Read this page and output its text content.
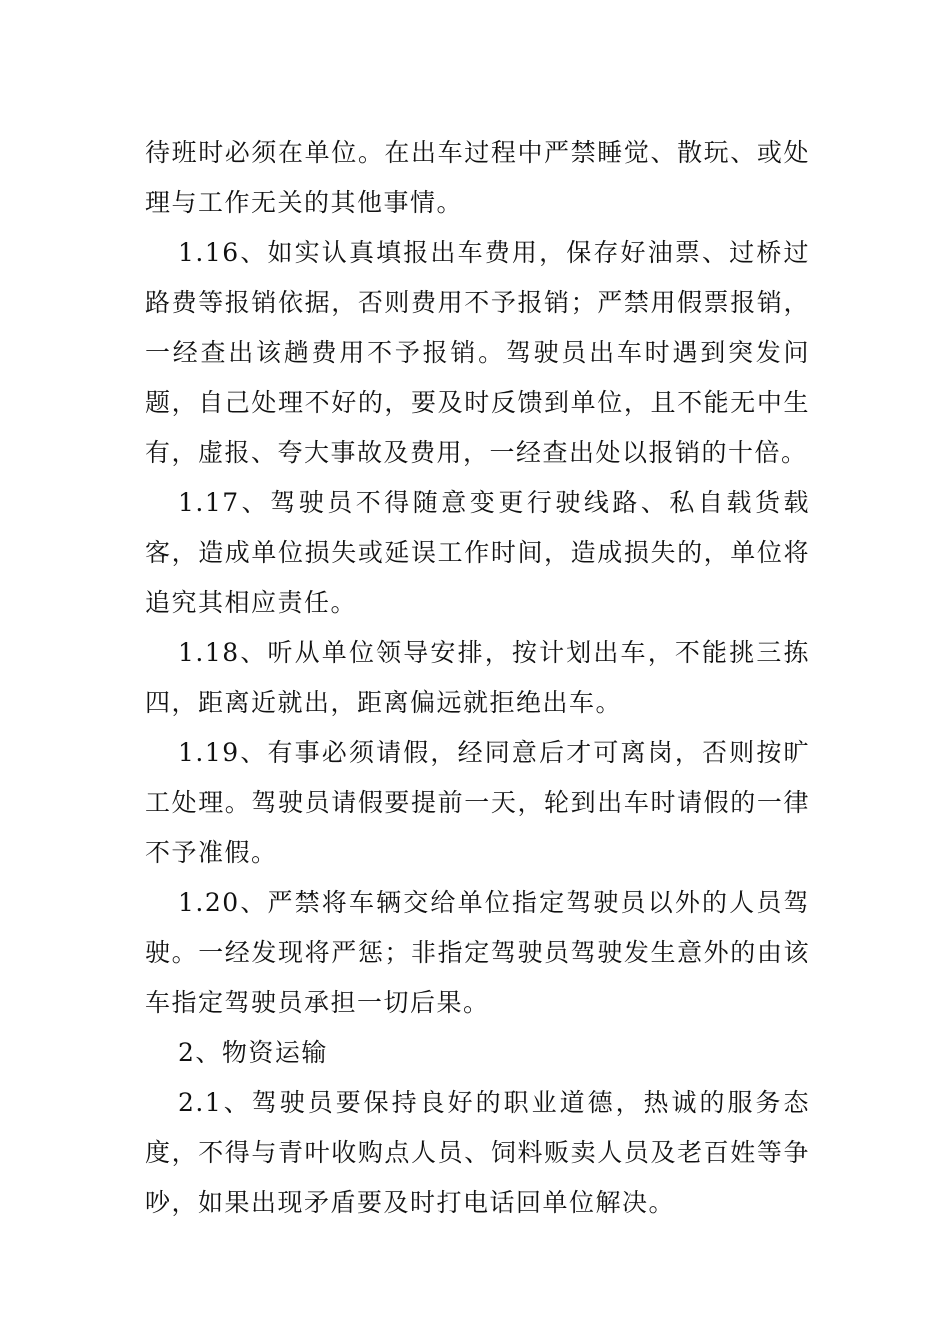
待班时必须在单位。在出车过程中严禁睡觉、散玩、或处理与工作无关的其他事情。

1.16、如实认真填报出车费用，保存好油票、过桥过路费等报销依据，否则费用不予报销；严禁用假票报销，一经查出该趟费用不予报销。驾驶员出车时遇到突发问题，自己处理不好的，要及时反馈到单位，且不能无中生有，虚报、夸大事故及费用，一经查出处以报销的十倍。

1.17、驾驶员不得随意变更行驶线路、私自载货载客，造成单位损失或延误工作时间，造成损失的，单位将追究其相应责任。

1.18、听从单位领导安排，按计划出车，不能挑三拣四，距离近就出，距离偏远就拒绝出车。

1.19、有事必须请假，经同意后才可离岗，否则按旷工处理。驾驶员请假要提前一天，轮到出车时请假的一律不予准假。

1.20、严禁将车辆交给单位指定驾驶员以外的人员驾驶。一经发现将严惩；非指定驾驶员驾驶发生意外的由该车指定驾驶员承担一切后果。

2、物资运输

2.1、驾驶员要保持良好的职业道德，热诚的服务态度，不得与青叶收购点人员、饲料贩卖人员及老百姓等争吵，如果出现矛盾要及时打电话回单位解决。
